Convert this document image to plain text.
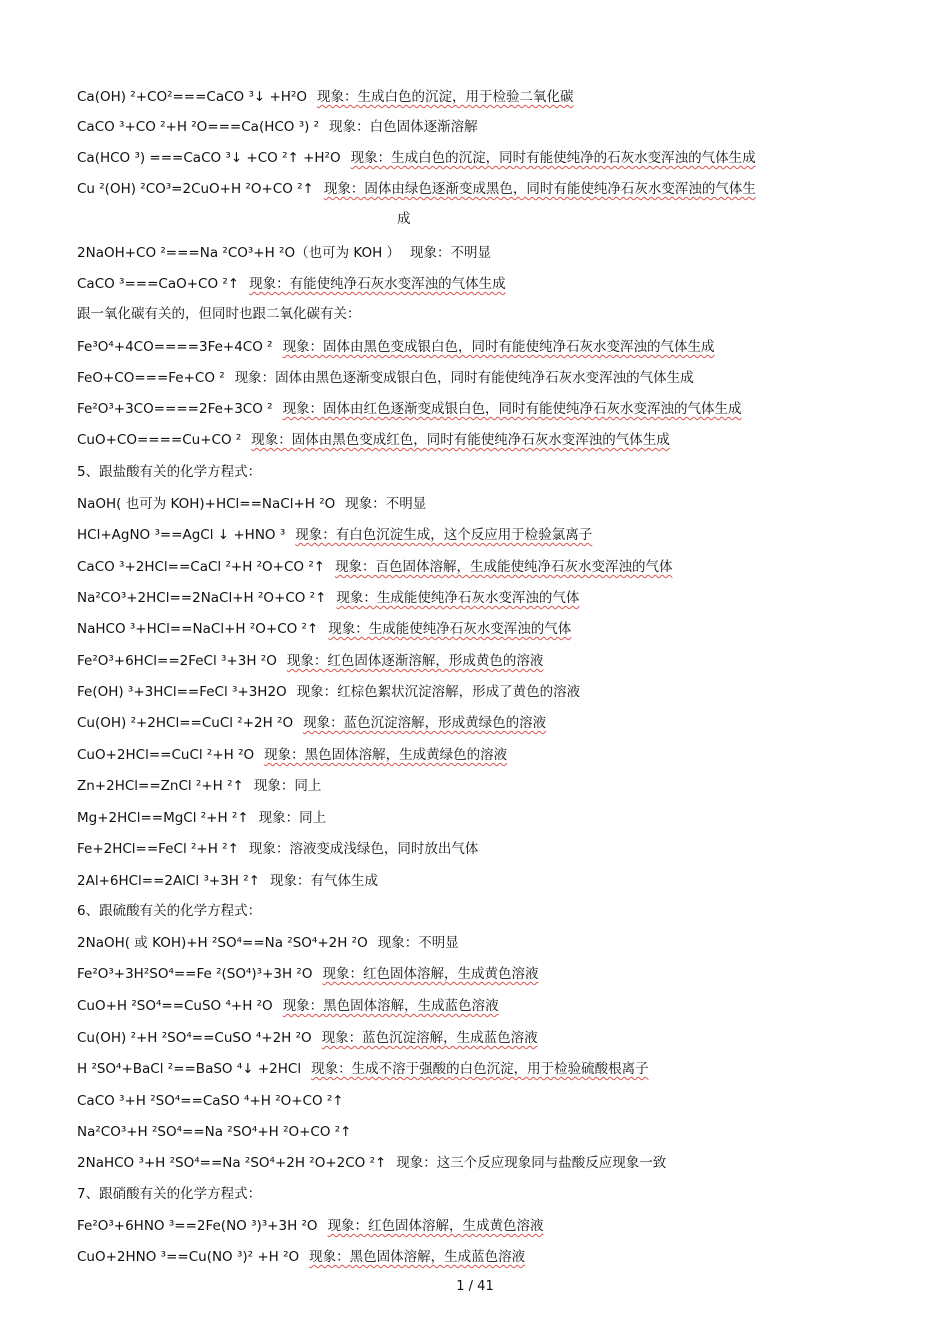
Ca(OH) ²+CO²===CaCO ³↓ +H²O 现象：生成白色的沉淀，用于检验二氧化碳
CaCO ³+CO ²+H ²O===Ca(HCO ³) ² 现象：白色固体逐渐溶解
Ca(HCO ³) ===CaCO ³↓ +CO ²↑ +H²O 现象：生成白色的沉淀，同时有能使纯净的石灰水变浑浊的气体生成
Cu ²(OH) ²CO³=2CuO+H ²O+CO ²↑ 现象：固体由绿色逐渐变成黑色，同时有能使纯净石灰水变浑浊的气体生
成
2NaOH+CO ²===Na ²CO³+H ²O（也可为 KOH ） 现象：不明显
CaCO ³===CaO+CO ²↑ 现象：有能使纯净石灰水变浑浊的气体生成
跟一氧化碳有关的，但同时也跟二氧化碳有关：
Fe³O⁴+4CO====3Fe+4CO ² 现象：固体由黑色变成银白色，同时有能使纯净石灰水变浑浊的气体生成
FeO+CO===Fe+CO ² 现象：固体由黑色逐渐变成银白色，同时有能使纯净石灰水变浑浊的气体生成
Fe²O³+3CO====2Fe+3CO ² 现象：固体由红色逐渐变成银白色，同时有能使纯净石灰水变浑浊的气体生成
CuO+CO====Cu+CO ² 现象：固体由黑色变成红色，同时有能使纯净石灰水变浑浊的气体生成
5、跟盐酸有关的化学方程式：
NaOH( 也可为 KOH)+HCl==NaCl+H ²O 现象：不明显
HCl+AgNO ³==AgCl ↓ +HNO ³ 现象：有白色沉淀生成，这个反应用于检验氯离子
CaCO ³+2HCl==CaCl ²+H ²O+CO ²↑ 现象：百色固体溶解，生成能使纯净石灰水变浑浊的气体
Na²CO³+2HCl==2NaCl+H ²O+CO ²↑ 现象：生成能使纯净石灰水变浑浊的气体
NaHCO ³+HCl==NaCl+H ²O+CO ²↑ 现象：生成能使纯净石灰水变浑浊的气体
Fe²O³+6HCl==2FeCl ³+3H ²O 现象：红色固体逐渐溶解，形成黄色的溶液
Fe(OH) ³+3HCl==FeCl ³+3H2O 现象：红棕色絮状沉淀溶解，形成了黄色的溶液
Cu(OH) ²+2HCl==CuCl ²+2H ²O 现象：蓝色沉淀溶解，形成黄绿色的溶液
CuO+2HCl==CuCl ²+H ²O 现象：黑色固体溶解，生成黄绿色的溶液
Zn+2HCl==ZnCl ²+H ²↑ 现象：同上
Mg+2HCl==MgCl ²+H ²↑ 现象：同上
Fe+2HCl==FeCl ²+H ²↑ 现象：溶液变成浅绿色，同时放出气体
2Al+6HCl==2AlCl ³+3H ²↑ 现象：有气体生成
6、跟硫酸有关的化学方程式：
2NaOH( 或 KOH)+H ²SO⁴==Na ²SO⁴+2H ²O 现象：不明显
Fe²O³+3H²SO⁴==Fe ²(SO⁴)³+3H ²O 现象：红色固体溶解，生成黄色溶液
CuO+H ²SO⁴==CuSO ⁴+H ²O 现象：黑色固体溶解，生成蓝色溶液
Cu(OH) ²+H ²SO⁴==CuSO ⁴+2H ²O 现象：蓝色沉淀溶解，生成蓝色溶液
H ²SO⁴+BaCl ²==BaSO ⁴↓ +2HCl 现象：生成不溶于强酸的白色沉淀，用于检验硫酸根离子
CaCO ³+H ²SO⁴==CaSO ⁴+H ²O+CO ²↑
Na²CO³+H ²SO⁴==Na ²SO⁴+H ²O+CO ²↑
2NaHCO ³+H ²SO⁴==Na ²SO⁴+2H ²O+2CO ²↑ 现象：这三个反应现象同与盐酸反应现象一致
7、跟硝酸有关的化学方程式：
Fe²O³+6HNO ³==2Fe(NO ³)³+3H ²O 现象：红色固体溶解，生成黄色溶液
CuO+2HNO ³==Cu(NO ³)² +H ²O 现象：黑色固体溶解，生成蓝色溶液
1 / 41
